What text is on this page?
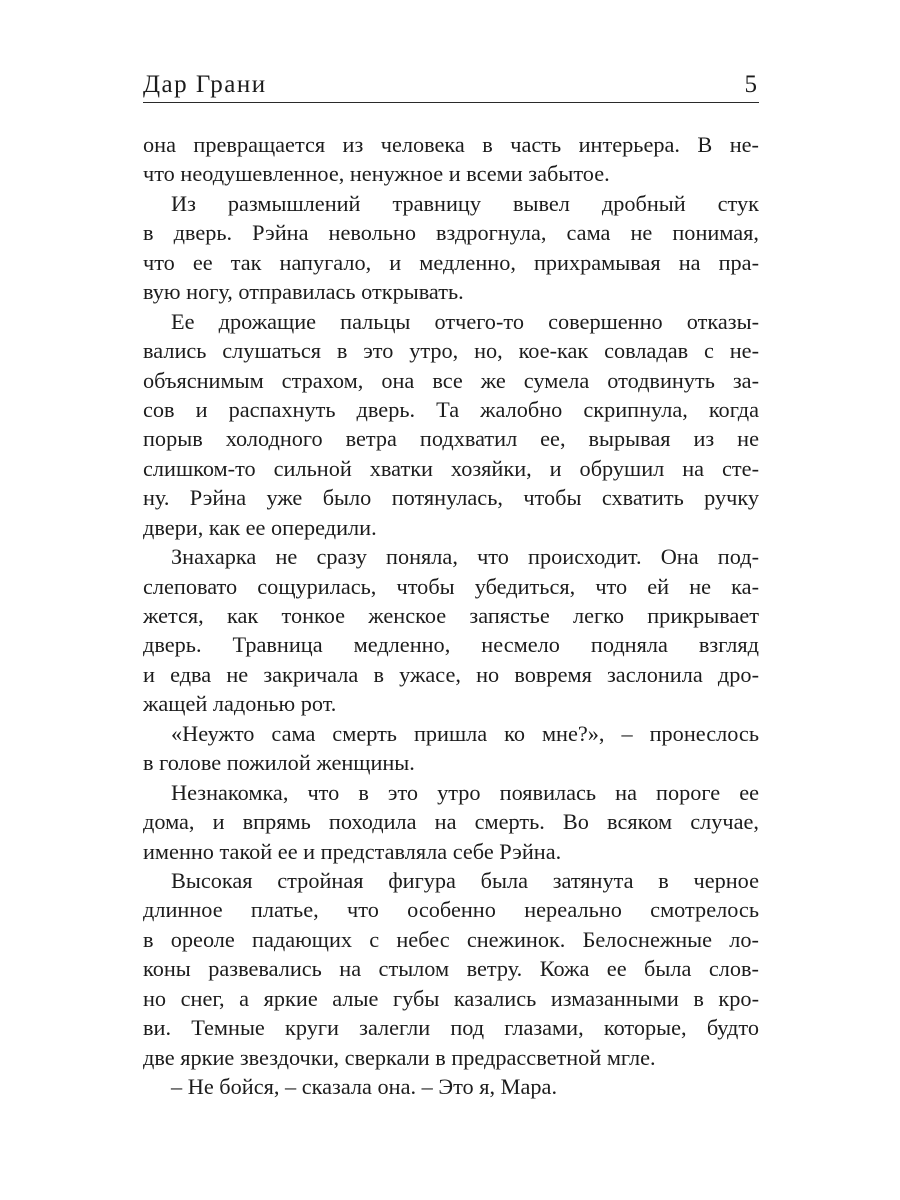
Дар Грани	5
она превращается из человека в часть интерьера. В не-
что неодушевленное, ненужное и всеми забытое.
Из размышлений травницу вывел дробный стук
в дверь. Рэйна невольно вздрогнула, сама не понимая,
что ее так напугало, и медленно, прихрамывая на пра-
вую ногу, отправилась открывать.
Ее дрожащие пальцы отчего-то совершенно отказы-
вались слушаться в это утро, но, кое-как совладав с не-
объяснимым страхом, она все же сумела отодвинуть за-
сов и распахнуть дверь. Та жалобно скрипнула, когда
порыв холодного ветра подхватил ее, вырывая из не
слишком-то сильной хватки хозяйки, и обрушил на сте-
ну. Рэйна уже было потянулась, чтобы схватить ручку
двери, как ее опередили.
Знахарка не сразу поняла, что происходит. Она под-
слеповато сощурилась, чтобы убедиться, что ей не ка-
жется, как тонкое женское запястье легко прикрывает
дверь. Травница медленно, несмело подняла взгляд
и едва не закричала в ужасе, но вовремя заслонила дро-
жащей ладонью рот.
«Неужто сама смерть пришла ко мне?», – пронеслось
в голове пожилой женщины.
Незнакомка, что в это утро появилась на пороге ее
дома, и впрямь походила на смерть. Во всяком случае,
именно такой ее и представляла себе Рэйна.
Высокая стройная фигура была затянута в черное
длинное платье, что особенно нереально смотрелось
в ореоле падающих с небес снежинок. Белоснежные ло-
коны развевались на стылом ветру. Кожа ее была слов-
но снег, а яркие алые губы казались измазанными в кро-
ви. Темные круги залегли под глазами, которые, будто
две яркие звездочки, сверкали в предрассветной мгле.
– Не бойся, – сказала она. – Это я, Мара.
